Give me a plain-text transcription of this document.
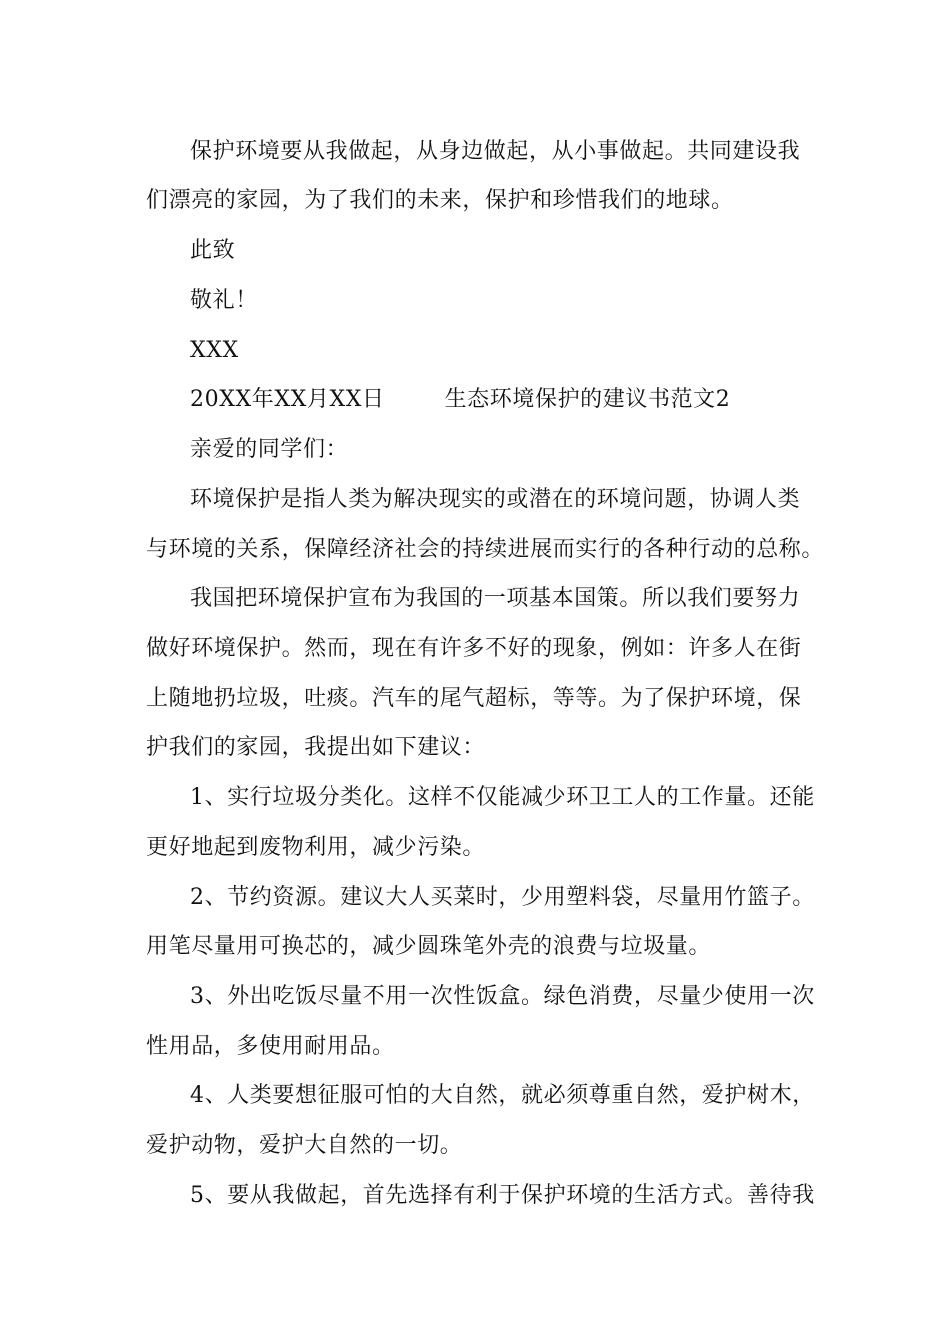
保护环境要从我做起，从身边做起，从小事做起。共同建设我
们漂亮的家园，为了我们的未来，保护和珍惜我们的地球。
此致
敬礼！
XXX
20XX年XX月XX日	生态环境保护的建议书范文2
亲爱的同学们：
环境保护是指人类为解决现实的或潜在的环境问题，协调人类
与环境的关系，保障经济社会的持续进展而实行的各种行动的总称。
我国把环境保护宣布为我国的一项基本国策。所以我们要努力
做好环境保护。然而，现在有许多不好的现象，例如：许多人在街
上随地扔垃圾，吐痰。汽车的尾气超标，等等。为了保护环境，保
护我们的家园，我提出如下建议：
1、实行垃圾分类化。这样不仅能减少环卫工人的工作量。还能
更好地起到废物利用，减少污染。
2、节约资源。建议大人买菜时，少用塑料袋，尽量用竹篮子。
用笔尽量用可换芯的，减少圆珠笔外壳的浪费与垃圾量。
3、外出吃饭尽量不用一次性饭盒。绿色消费，尽量少使用一次
性用品，多使用耐用品。
4、人类要想征服可怕的大自然，就必须尊重自然，爱护树木，
爱护动物，爱护大自然的一切。
5、要从我做起，首先选择有利于保护环境的生活方式。善待我
